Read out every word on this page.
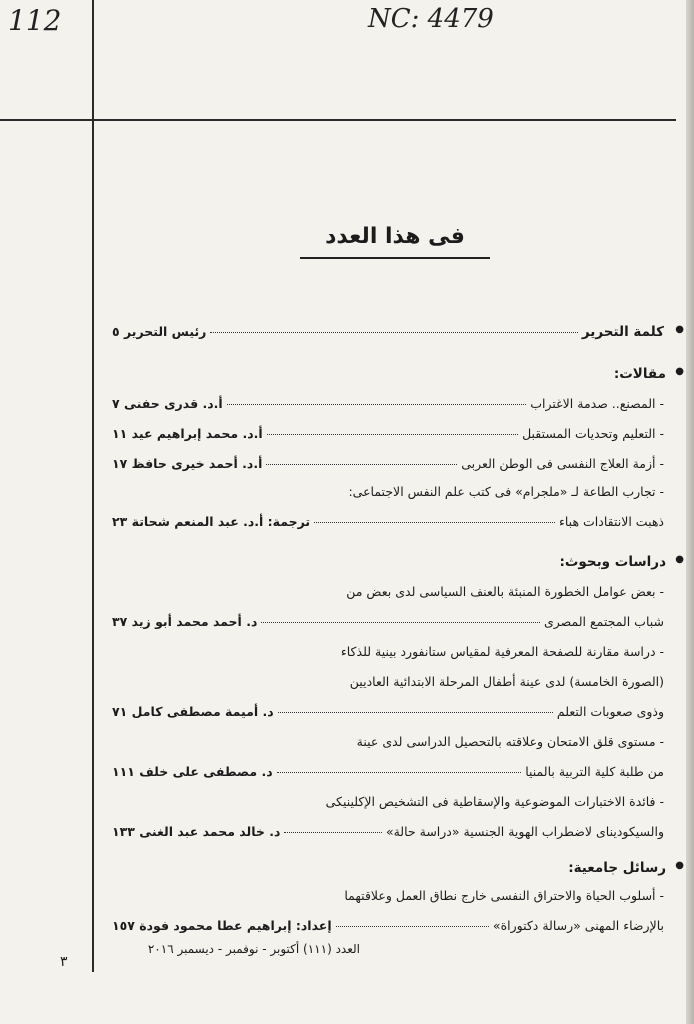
112	NC: 4479
فى هذا العدد
●
كلمة التحرير
رئيس التحرير ٥
●
مقالات:
- المصنع.. صدمة الاغتراب
أ.د. قدرى حفنى ٧
- التعليم وتحديات المستقبل
أ.د. محمد إبراهيم عيد ١١
- أزمة العلاج النفسى فى الوطن العربى
أ.د. أحمد خيرى حافظ ١٧
- تجارب الطاعة لـ «ملجرام» فى كتب علم النفس الاجتماعى:
ذهبت الانتقادات هباء
ترجمة: أ.د. عبد المنعم شحاتة ٢٣
●
دراسات وبحوث:
- بعض عوامل الخطورة المنبئة بالعنف السياسى لدى بعض من
شباب المجتمع المصرى
د. أحمد محمد أبو زيد ٣٧
- دراسة مقارنة للصفحة المعرفية لمقياس ستانفورد بينية للذكاء
(الصورة الخامسة) لدى عينة أطفال المرحلة الابتدائية العاديين
وذوى صعوبات التعلم
د. أميمة مصطفى كامل ٧١
- مستوى قلق الامتحان وعلاقته بالتحصيل الدراسى لدى عينة
من طلبة كلية التربية بالمنيا
د. مصطفى على خلف ١١١
- فائدة الاختبارات الموضوعية والإسقاطية فى التشخيص الإكلينيكى
والسيكوديناى لاضطراب الهوية الجنسية «دراسة حالة»
د. خالد محمد عبد الغنى ١٣٣
●
رسائل جامعية:
- أسلوب الحياة والاحتراق النفسى خارج نطاق العمل وعلاقتهما
بالإرضاء المهنى «رسالة دكتوراة»
إعداد: إبراهيم عطا محمود فودة ١٥٧
العدد (١١١) أكتوبر - نوفمبر - ديسمبر ٢٠١٦
٣
